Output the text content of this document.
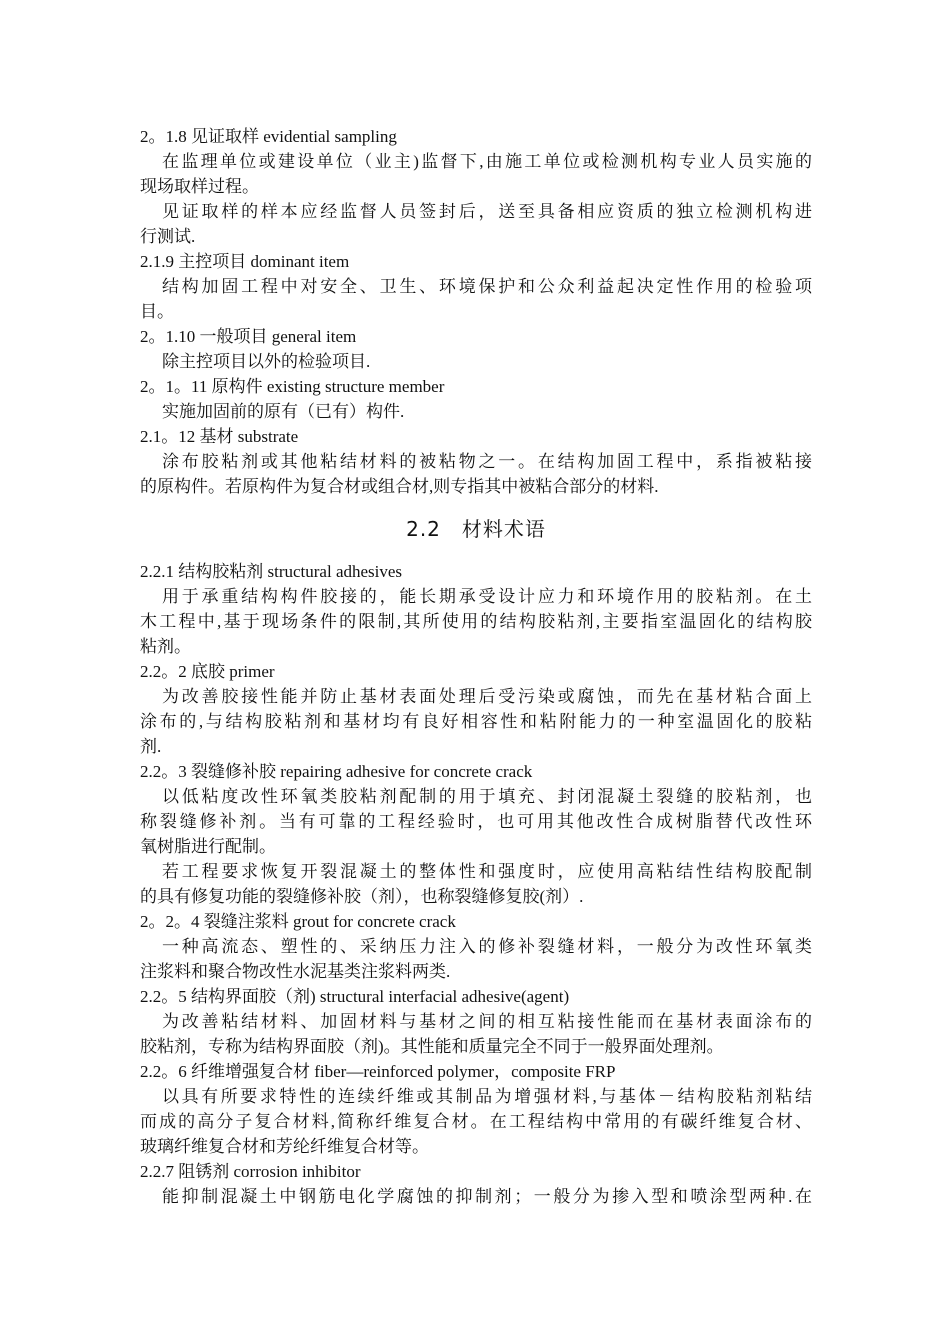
2。1.8 见证取样 evidential sampling
在监理单位或建设单位（业主)监督下,由施工单位或检测机构专业人员实施的
现场取样过程。
见证取样的样本应经监督人员签封后，送至具备相应资质的独立检测机构进
行测试.
2.1.9 主控项目 dominant item
结构加固工程中对安全、卫生、环境保护和公众利益起决定性作用的检验项
目。
2。1.10 一般项目 general item
除主控项目以外的检验项目.
2。1。11 原构件 existing structure member
实施加固前的原有（已有）构件.
2.1。12 基材 substrate
涂布胶粘剂或其他粘结材料的被粘物之一。在结构加固工程中，系指被粘接
的原构件。若原构件为复合材或组合材,则专指其中被粘合部分的材料.
2.2　材料术语
2.2.1 结构胶粘剂 structural adhesives
用于承重结构构件胶接的，能长期承受设计应力和环境作用的胶粘剂。在土
木工程中,基于现场条件的限制,其所使用的结构胶粘剂,主要指室温固化的结构胶
粘剂。
2.2。2 底胶 primer
为改善胶接性能并防止基材表面处理后受污染或腐蚀，而先在基材粘合面上
涂布的,与结构胶粘剂和基材均有良好相容性和粘附能力的一种室温固化的胶粘
剂.
2.2。3 裂缝修补胶 repairing adhesive for concrete crack
以低粘度改性环氧类胶粘剂配制的用于填充、封闭混凝土裂缝的胶粘剂，也
称裂缝修补剂。当有可靠的工程经验时，也可用其他改性合成树脂替代改性环
氧树脂进行配制。
若工程要求恢复开裂混凝土的整体性和强度时，应使用高粘结性结构胶配制
的具有修复功能的裂缝修补胶（剂），也称裂缝修复胶(剂）.
2。2。4 裂缝注浆料 grout for concrete crack
一种高流态、塑性的、采纳压力注入的修补裂缝材料，一般分为改性环氧类
注浆料和聚合物改性水泥基类注浆料两类.
2.2。5 结构界面胶（剂) structural interfacial adhesive(agent)
为改善粘结材料、加固材料与基材之间的相互粘接性能而在基材表面涂布的
胶粘剂，专称为结构界面胶（剂)。其性能和质量完全不同于一般界面处理剂。
2.2。6 纤维增强复合材 fiber—reinforced polymer，composite FRP
以具有所要求特性的连续纤维或其制品为增强材料,与基体－结构胶粘剂粘结
而成的高分子复合材料,简称纤维复合材。在工程结构中常用的有碳纤维复合材、
玻璃纤维复合材和芳纶纤维复合材等。
2.2.7 阻锈剂 corrosion inhibitor
能抑制混凝土中钢筋电化学腐蚀的抑制剂；一般分为掺入型和喷涂型两种.在
